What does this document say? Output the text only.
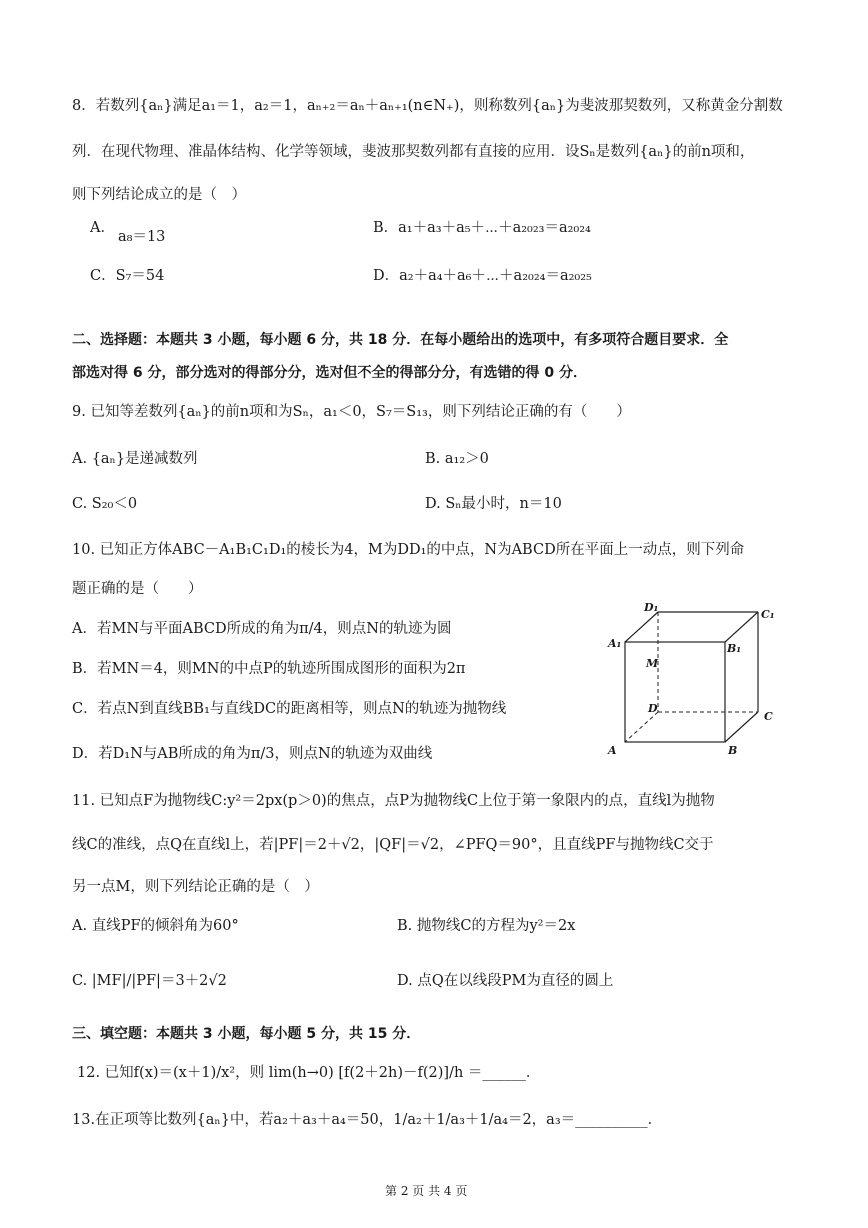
8．若数列{aₙ}满足a₁＝1，a₂＝1，aₙ₊₂＝aₙ＋aₙ₊₁(n∈N₊)，则称数列{aₙ}为斐波那契数列，又称黄金分割数
列．在现代物理、准晶体结构、化学等领域，斐波那契数列都有直接的应用．设Sₙ是数列{aₙ}的前n项和，
则下列结论成立的是（　）
A．
a₈＝13
B．a₁＋a₃＋a₅＋⋯＋a₂₀₂₃＝a₂₀₂₄
C．S₇＝54	D．a₂＋a₄＋a₆＋⋯＋a₂₀₂₄＝a₂₀₂₅
二、选择题：本题共 3 小题，每小题 6 分，共 18 分．在每小题给出的选项中，有多项符合题目要求．全
部选对得 6 分，部分选对的得部分分，选对但不全的得部分分，有选错的得 0 分．
9. 已知等差数列{aₙ}的前n项和为Sₙ，a₁＜0，S₇＝S₁₃，则下列结论正确的有（　　）
A. {aₙ}是递减数列	B. a₁₂＞0
C. S₂₀＜0	D. Sₙ最小时，n＝10
10. 已知正方体ABC－A₁B₁C₁D₁的棱长为4，M为DD₁的中点，N为ABCD所在平面上一动点，则下列命
题正确的是（　　）
A．若MN与平面ABCD所成的角为π/4，则点N的轨迹为圆
B．若MN＝4，则MN的中点P的轨迹所围成图形的面积为2π
C．若点N到直线BB₁与直线DC的距离相等，则点N的轨迹为抛物线
D．若D₁N与AB所成的角为π/3，则点N的轨迹为双曲线
D₁
C₁
A₁	B₁
M
D
C
A	B
11. 已知点F为抛物线C:y²＝2px(p＞0)的焦点，点P为抛物线C上位于第一象限内的点，直线l为抛物
线C的准线，点Q在直线l上，若|PF|＝2＋√2，|QF|＝√2，∠PFQ＝90°，且直线PF与抛物线C交于
另一点M，则下列结论正确的是（　）
A. 直线PF的倾斜角为60°	B. 抛物线C的方程为y²＝2x
C. |MF|/|PF|＝3＋2√2	D. 点Q在以线段PM为直径的圆上
三、填空题：本题共 3 小题，每小题 5 分，共 15 分．
12. 已知f(x)＝(x＋1)/x²，则 lim(h→0) [f(2＋2h)－f(2)]/h ＝______．
13.在正项等比数列{aₙ}中，若a₂＋a₃＋a₄＝50，1/a₂＋1/a₃＋1/a₄＝2，a₃＝__________．
第 2 页 共 4 页
